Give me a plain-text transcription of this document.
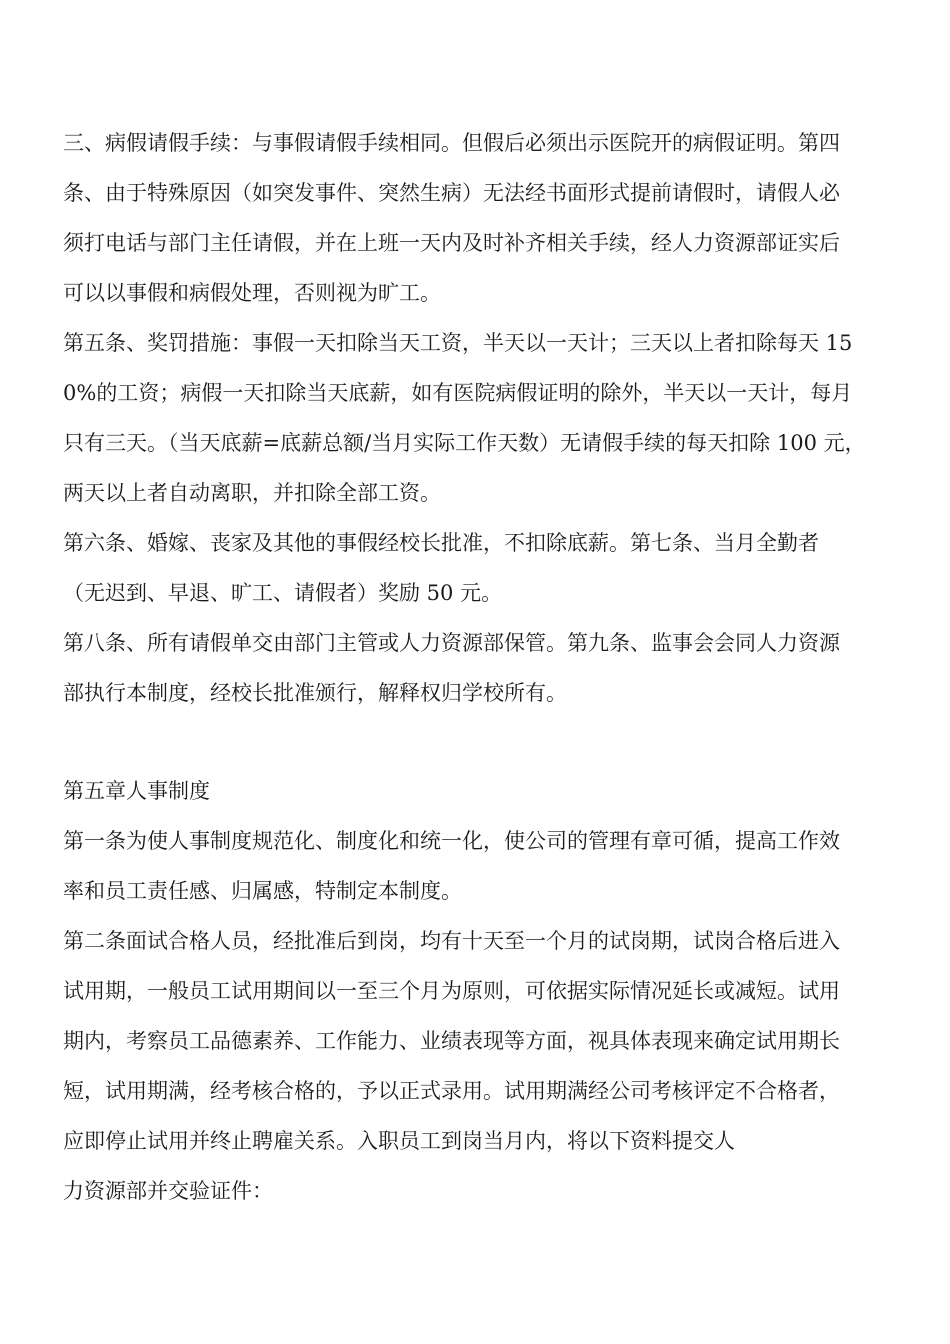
三、病假请假手续：与事假请假手续相同。但假后必须出示医院开的病假证明。第四
条、由于特殊原因（如突发事件、突然生病）无法经书面形式提前请假时，请假人必
须打电话与部门主任请假，并在上班一天内及时补齐相关手续，经人力资源部证实后
可以以事假和病假处理，否则视为旷工。

第五条、奖罚措施：事假一天扣除当天工资，半天以一天计；三天以上者扣除每天 15
0%的工资；病假一天扣除当天底薪，如有医院病假证明的除外，半天以一天计，每月
只有三天。（当天底薪=底薪总额/当月实际工作天数）无请假手续的每天扣除 100 元，
两天以上者自动离职，并扣除全部工资。

第六条、婚嫁、丧家及其他的事假经校长批准，不扣除底薪。第七条、当月全勤者
（无迟到、早退、旷工、请假者）奖励 50 元。

第八条、所有请假单交由部门主管或人力资源部保管。第九条、监事会会同人力资源
部执行本制度，经校长批准颁行，解释权归学校所有。

第五章人事制度

第一条为使人事制度规范化、制度化和统一化，使公司的管理有章可循，提高工作效
率和员工责任感、归属感，特制定本制度。

第二条面试合格人员，经批准后到岗，均有十天至一个月的试岗期，试岗合格后进入
试用期，一般员工试用期间以一至三个月为原则，可依据实际情况延长或减短。试用
期内，考察员工品德素养、工作能力、业绩表现等方面，视具体表现来确定试用期长
短，试用期满，经考核合格的，予以正式录用。试用期满经公司考核评定不合格者，
应即停止试用并终止聘雇关系。入职员工到岗当月内，将以下资料提交人
力资源部并交验证件：
